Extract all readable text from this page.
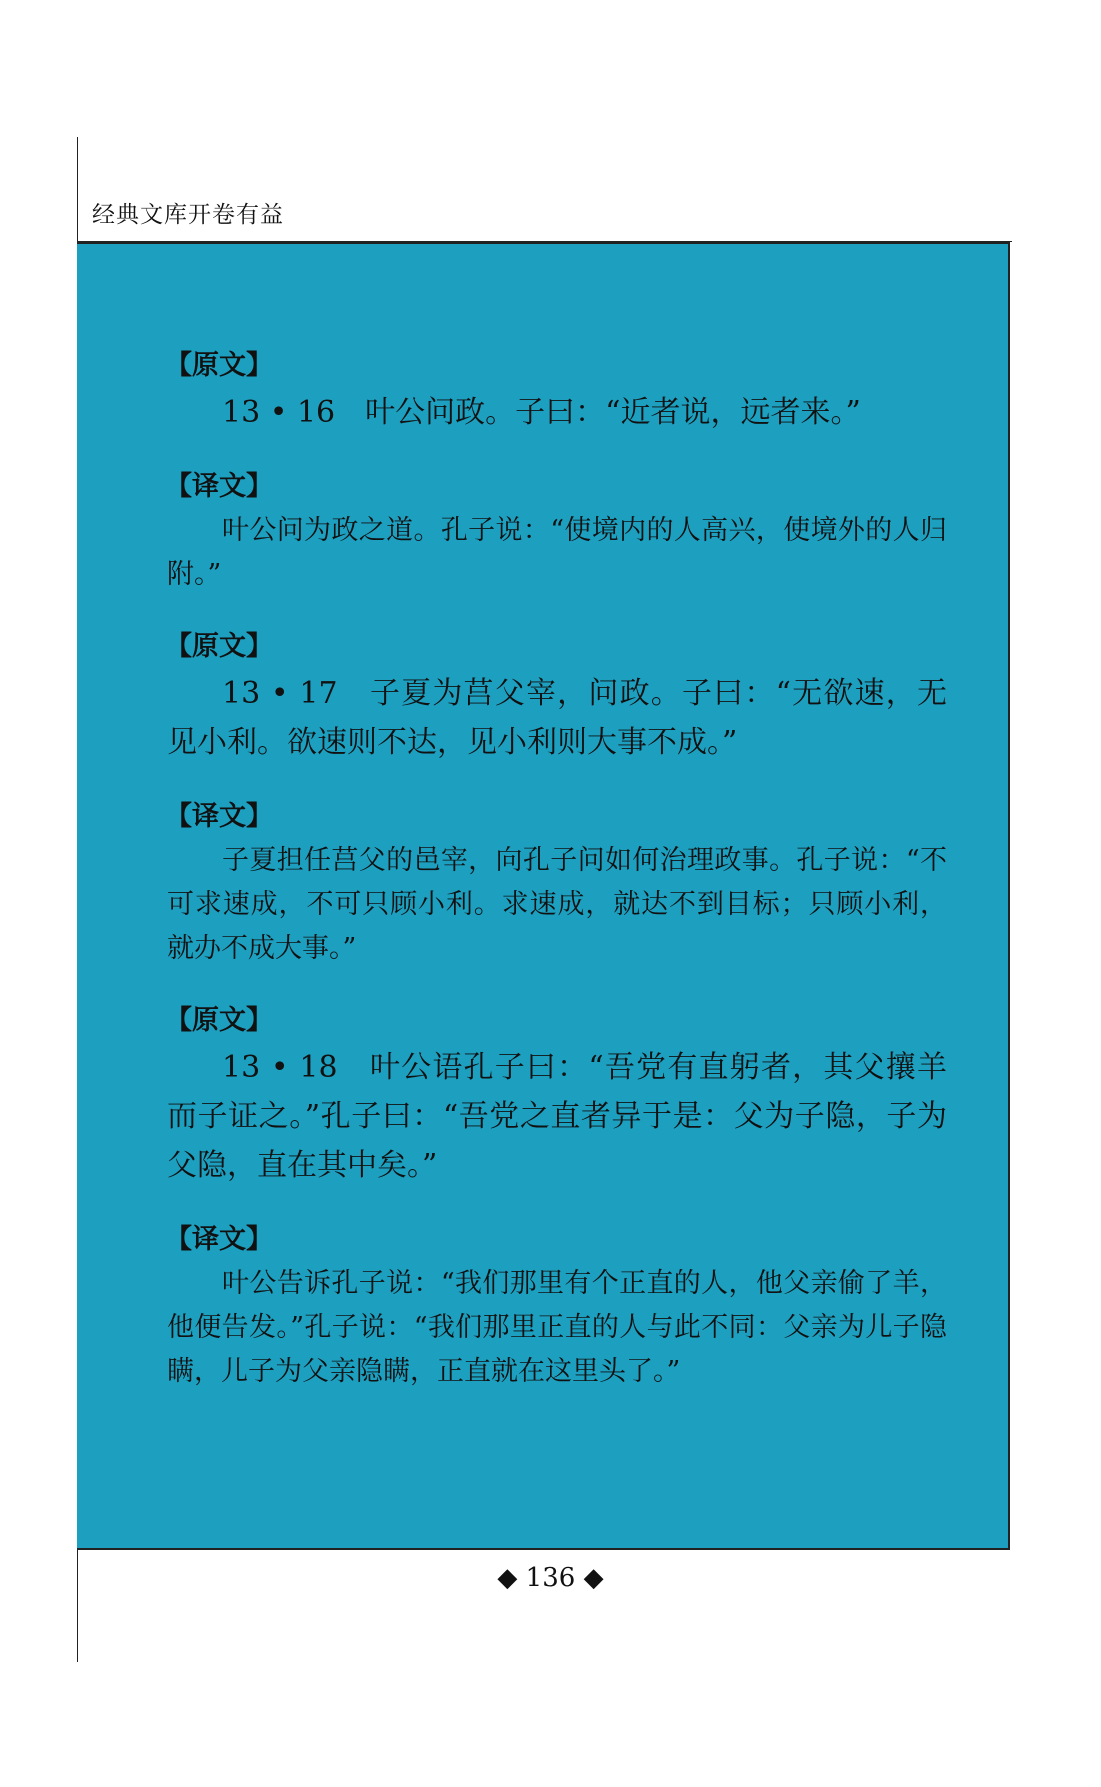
经典文库开卷有益
【原文】

13 • 16　叶公问政。子曰：“近者说，远者来。”

【译文】

叶公问为政之道。孔子说：“使境内的人高兴，使境外的人归附。”

【原文】

13 • 17　子夏为莒父宰，问政。子曰：“无欲速，无见小利。欲速则不达，见小利则大事不成。”

【译文】

子夏担任莒父的邑宰，向孔子问如何治理政事。孔子说：“不可求速成，不可只顾小利。求速成，就达不到目标；只顾小利，就办不成大事。”

【原文】

13 • 18　叶公语孔子曰：“吾党有直躬者，其父攘羊而子证之。”孔子曰：“吾党之直者异于是：父为子隐，子为父隐，直在其中矣。”

【译文】

叶公告诉孔子说：“我们那里有个正直的人，他父亲偷了羊，他便告发。”孔子说：“我们那里正直的人与此不同：父亲为儿子隐瞒，儿子为父亲隐瞒，正直就在这里头了。”

◆ 136 ◆
